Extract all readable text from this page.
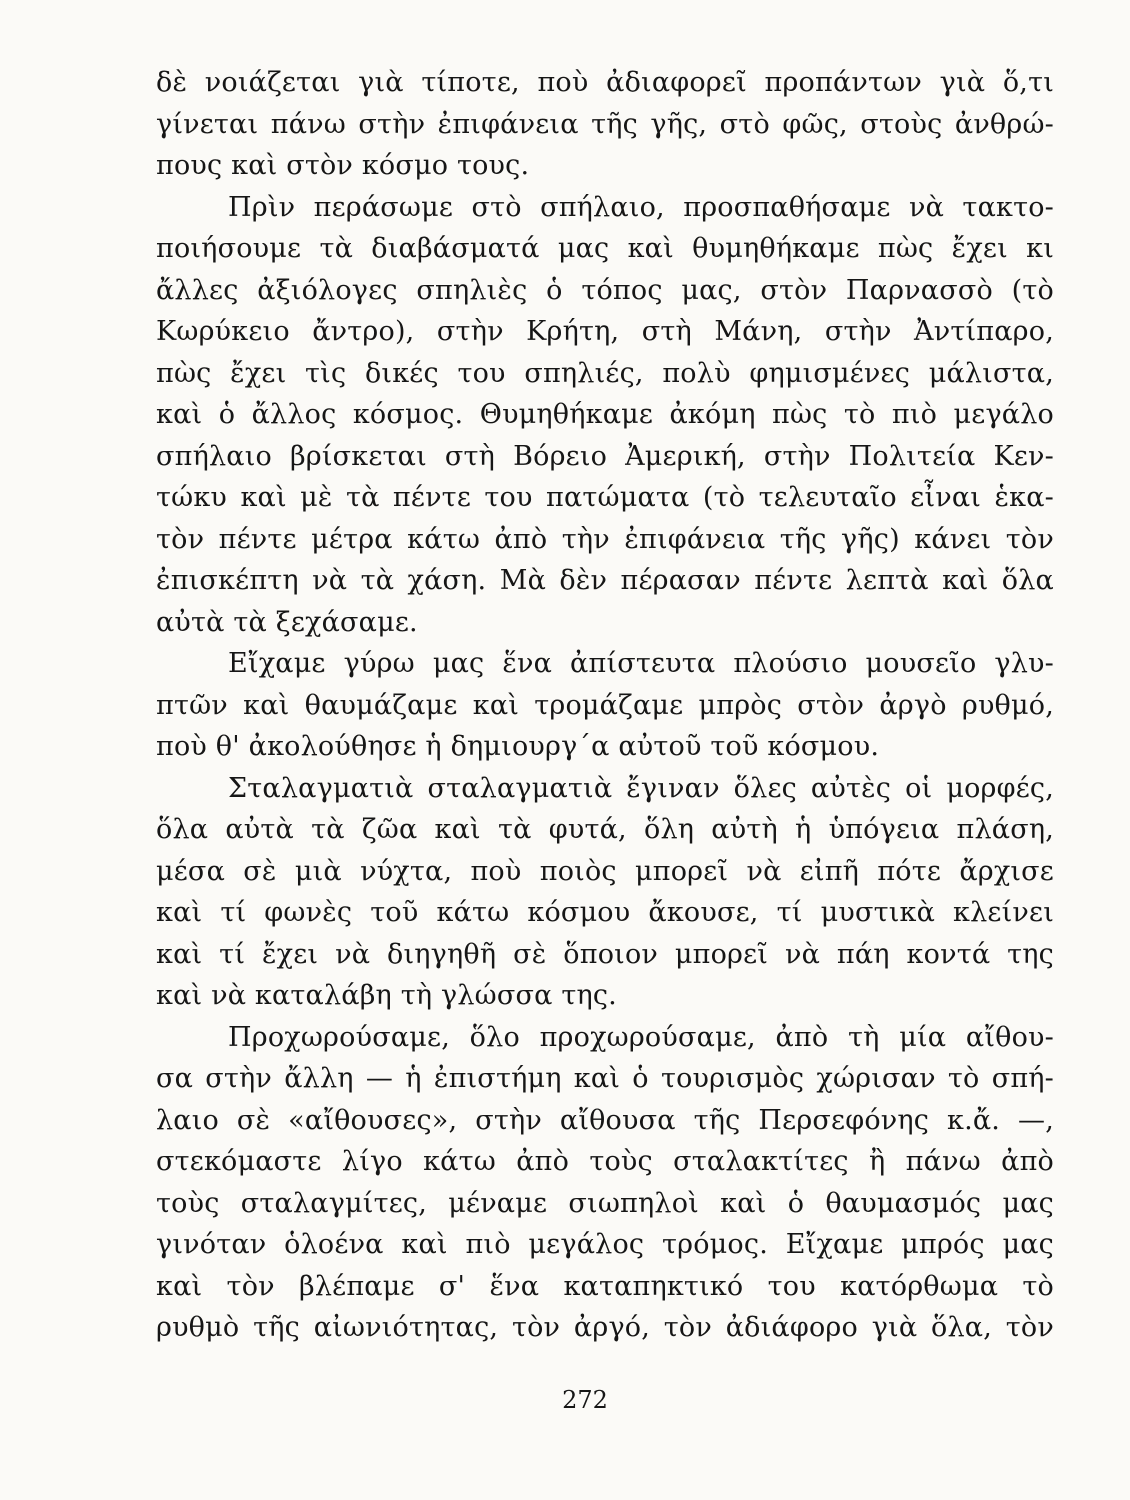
δὲ νοιάζεται γιὰ τίποτε, ποὺ ἀδιαφορεῖ προπάντων γιὰ ὅ,τι
γίνεται πάνω στὴν ἐπιφάνεια τῆς γῆς, στὸ φῶς, στοὺς ἀνθρώ-
πους καὶ στὸν κόσμο τους.
Πρὶν περάσωμε στὸ σπήλαιο, προσπαθήσαμε νὰ τακτο-
ποιήσουμε τὰ διαβάσματά μας καὶ θυμηθήκαμε πὼς ἔχει κι
ἄλλες ἀξιόλογες σπηλιὲς ὁ τόπος μας, στὸν Παρνασσὸ (τὸ
Κωρύκειο ἄντρο), στὴν Κρήτη, στὴ Μάνη, στὴν Ἀντίπαρο,
πὼς ἔχει τὶς δικές του σπηλιές, πολὺ φημισμένες μάλιστα,
καὶ ὁ ἄλλος κόσμος. Θυμηθήκαμε ἀκόμη πὼς τὸ πιὸ μεγάλο
σπήλαιο βρίσκεται στὴ Βόρειο Ἀμερική, στὴν Πολιτεία Κεν-
τώκυ καὶ μὲ τὰ πέντε του πατώματα (τὸ τελευταῖο εἶναι ἑκα-
τὸν πέντε μέτρα κάτω ἀπὸ τὴν ἐπιφάνεια τῆς γῆς) κάνει τὸν
ἐπισκέπτη νὰ τὰ χάση. Μὰ δὲν πέρασαν πέντε λεπτὰ καὶ ὅλα
αὐτὰ τὰ ξεχάσαμε.
Εἴχαμε γύρω μας ἕνα ἀπίστευτα πλούσιο μουσεῖο γλυ-
πτῶν καὶ θαυμάζαμε καὶ τρομάζαμε μπρὸς στὸν ἀργὸ ρυθμό,
ποὺ θ' ἀκολούθησε ἡ δημιουργ΄α αὐτοῦ τοῦ κόσμου.
Σταλαγματιὰ σταλαγματιὰ ἔγιναν ὅλες αὐτὲς οἱ μορφές,
ὅλα αὐτὰ τὰ ζῶα καὶ τὰ φυτά, ὅλη αὐτὴ ἡ ὑπόγεια πλάση,
μέσα σὲ μιὰ νύχτα, ποὺ ποιὸς μπορεῖ νὰ εἰπῆ πότε ἄρχισε
καὶ τί φωνὲς τοῦ κάτω κόσμου ἄκουσε, τί μυστικὰ κλείνει
καὶ τί ἔχει νὰ διηγηθῆ σὲ ὅποιον μπορεῖ νὰ πάη κοντά της
καὶ νὰ καταλάβη τὴ γλώσσα της.
Προχωρούσαμε, ὅλο προχωρούσαμε, ἀπὸ τὴ μία αἴθου-
σα στὴν ἄλλη — ἡ ἐπιστήμη καὶ ὁ τουρισμὸς χώρισαν τὸ σπή-
λαιο σὲ «αἴθουσες», στὴν αἴθουσα τῆς Περσεφόνης κ.ἄ. —,
στεκόμαστε λίγο κάτω ἀπὸ τοὺς σταλακτίτες ἢ πάνω ἀπὸ
τοὺς σταλαγμίτες, μέναμε σιωπηλοὶ καὶ ὁ θαυμασμός μας
γινόταν ὁλοένα καὶ πιὸ μεγάλος τρόμος. Εἴχαμε μπρός μας
καὶ τὸν βλέπαμε σ' ἕνα καταπηκτικό του κατόρθωμα τὸ
ρυθμὸ τῆς αἰωνιότητας, τὸν ἀργό, τὸν ἀδιάφορο γιὰ ὅλα, τὸν
272
